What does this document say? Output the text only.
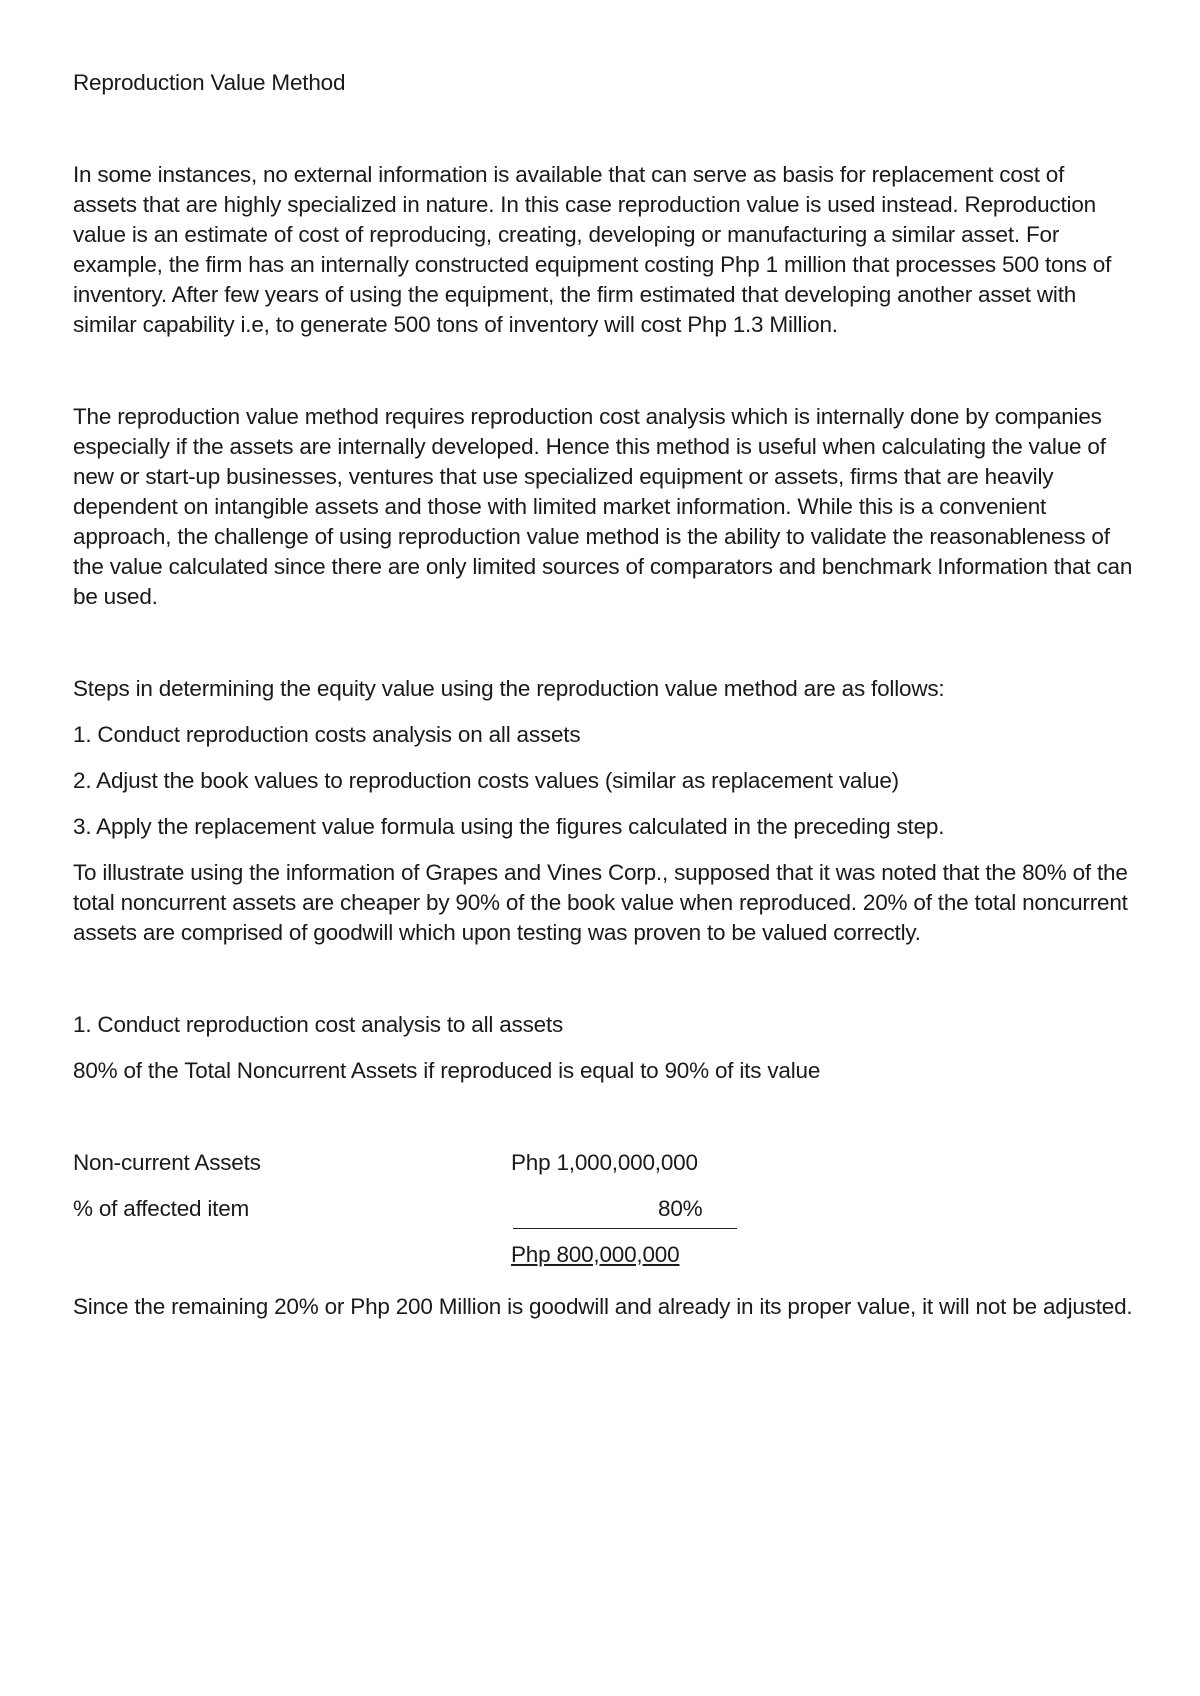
Reproduction Value Method

In some instances, no external information is available that can serve as basis for replacement cost of assets that are highly specialized in nature. In this case reproduction value is used instead. Reproduction value is an estimate of cost of reproducing, creating, developing or manufacturing a similar asset. For example, the firm has an internally constructed equipment costing Php 1 million that processes 500 tons of inventory. After few years of using the equipment, the firm estimated that developing another asset with similar capability i.e, to generate 500 tons of inventory will cost Php 1.3 Million.

The reproduction value method requires reproduction cost analysis which is internally done by companies especially if the assets are internally developed. Hence this method is useful when calculating the value of new or start-up businesses, ventures that use specialized equipment or assets, firms that are heavily dependent on intangible assets and those with limited market information. While this is a convenient approach, the challenge of using reproduction value method is the ability to validate the reasonableness of the value calculated since there are only limited sources of comparators and benchmark Information that can be used.

Steps in determining the equity value using the reproduction value method are as follows:

1. Conduct reproduction costs analysis on all assets

2. Adjust the book values to reproduction costs values (similar as replacement value)

3. Apply the replacement value formula using the figures calculated in the preceding step.

To illustrate using the information of Grapes and Vines Corp., supposed that it was noted that the 80% of the total noncurrent assets are cheaper by 90% of the book value when reproduced. 20% of the total noncurrent assets are comprised of goodwill which upon testing was proven to be valued correctly.

1. Conduct reproduction cost analysis to all assets

80% of the Total Noncurrent Assets if reproduced is equal to 90% of its value

Non-current Assets	Php 1,000,000,000
% of affected item	80%
Php 800,000,000

Since the remaining 20% or Php 200 Million is goodwill and already in its proper value, it will not be adjusted.
